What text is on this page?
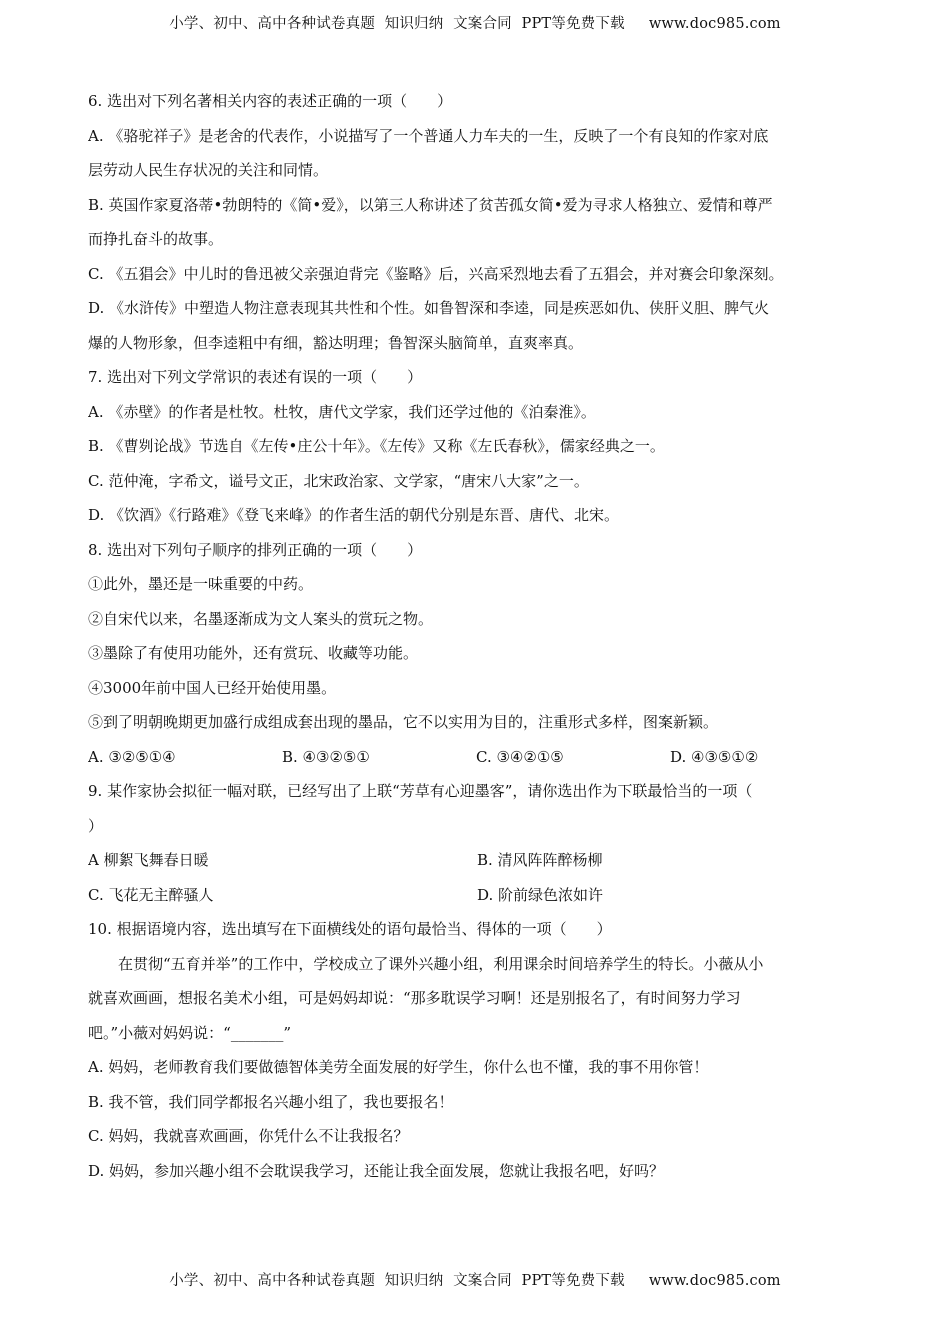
小学、初中、高中各种试卷真题  知识归纳  文案合同  PPT等免费下载     www.doc985.com
6. 选出对下列名著相关内容的表述正确的一项（　　）
A. 《骆驼祥子》是老舍的代表作，小说描写了一个普通人力车夫的一生，反映了一个有良知的作家对底
层劳动人民生存状况的关注和同情。
B. 英国作家夏洛蒂•勃朗特的《简•爱》，以第三人称讲述了贫苦孤女简•爱为寻求人格独立、爱情和尊严
而挣扎奋斗的故事。
C. 《五猖会》中儿时的鲁迅被父亲强迫背完《鉴略》后，兴高采烈地去看了五猖会，并对赛会印象深刻。
D. 《水浒传》中塑造人物注意表现其共性和个性。如鲁智深和李逵，同是疾恶如仇、侠肝义胆、脾气火
爆的人物形象，但李逵粗中有细，豁达明理；鲁智深头脑简单，直爽率真。
7. 选出对下列文学常识的表述有误的一项（　　）
A. 《赤壁》的作者是杜牧。杜牧，唐代文学家，我们还学过他的《泊秦淮》。
B. 《曹刿论战》节选自《左传•庄公十年》。《左传》又称《左氏春秋》，儒家经典之一。
C. 范仲淹，字希文，谥号文正，北宋政治家、文学家，“唐宋八大家”之一。
D. 《饮酒》《行路难》《登飞来峰》的作者生活的朝代分别是东晋、唐代、北宋。
8. 选出对下列句子顺序的排列正确的一项（　　）
①此外，墨还是一味重要的中药。
②自宋代以来，名墨逐渐成为文人案头的赏玩之物。
③墨除了有使用功能外，还有赏玩、收藏等功能。
④3000年前中国人已经开始使用墨。
⑤到了明朝晚期更加盛行成组成套出现的墨品，它不以实用为目的，注重形式多样，图案新颖。
A. ③②⑤①④	B. ④③②⑤①	C. ③④②①⑤	D. ④③⑤①②
9. 某作家协会拟征一幅对联，已经写出了上联“芳草有心迎墨客”，请你选出作为下联最恰当的一项（
）
A 柳絮飞舞春日暖	B. 清风阵阵醉杨柳
C. 飞花无主醉骚人	D. 阶前绿色浓如许
10. 根据语境内容，选出填写在下面横线处的语句最恰当、得体的一项（　　）
在贯彻“五育并举”的工作中，学校成立了课外兴趣小组，利用课余时间培养学生的特长。小薇从小
就喜欢画画，想报名美术小组，可是妈妈却说：“那多耽误学习啊！还是别报名了，有时间努力学习
吧。”小薇对妈妈说：“_______”
A. 妈妈，老师教育我们要做德智体美劳全面发展的好学生，你什么也不懂，我的事不用你管！
B. 我不管，我们同学都报名兴趣小组了，我也要报名！
C. 妈妈，我就喜欢画画，你凭什么不让我报名？
D. 妈妈，参加兴趣小组不会耽误我学习，还能让我全面发展，您就让我报名吧，好吗？
小学、初中、高中各种试卷真题  知识归纳  文案合同  PPT等免费下载     www.doc985.com
